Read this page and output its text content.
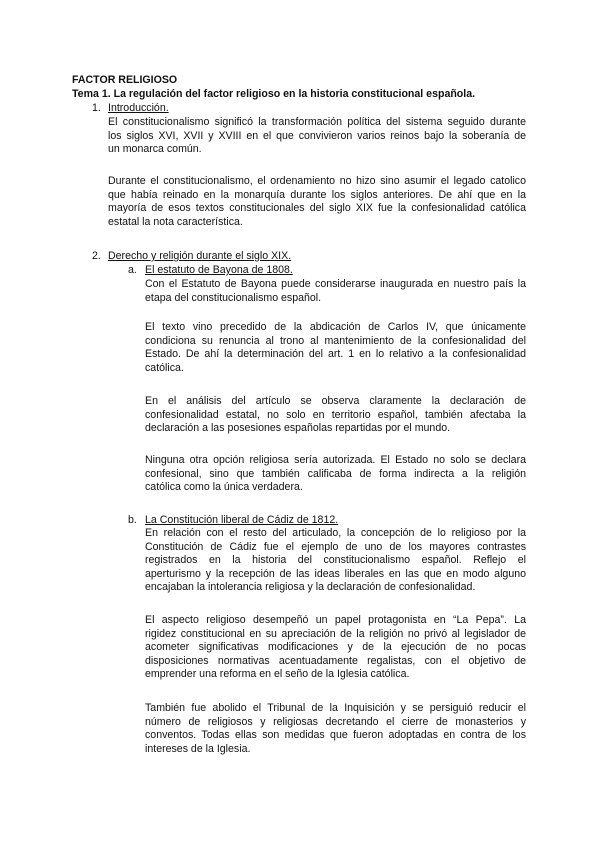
FACTOR RELIGIOSO
Tema 1. La regulación del factor religioso en la historia constitucional española.
1. Introducción.
El constitucionalismo significó la transformación política del sistema seguido durante
los siglos XVI, XVII y XVIII en el que convivieron varios reinos bajo la soberanía de
un monarca común.
Durante el constitucionalismo, el ordenamiento no hizo sino asumir el legado catolico
que había reinado en la monarquía durante los siglos anteriores. De ahí que en la
mayoría de esos textos constitucionales del siglo XIX fue la confesionalidad católica
estatal la nota característica.
2. Derecho y religión durante el siglo XIX.
a. El estatuto de Bayona de 1808.
Con el Estatuto de Bayona puede considerarse inaugurada en nuestro país la
etapa del constitucionalismo español.
El texto vino precedido de la abdicación de Carlos IV, que únicamente
condiciona su renuncia al trono al mantenimiento de la confesionalidad del
Estado. De ahí la determinación del art. 1 en lo relativo a la confesionalidad
católica.
En el análisis del artículo se observa claramente la declaración de
confesionalidad estatal, no solo en territorio español, también afectaba la
declaración a las posesiones españolas repartidas por el mundo.
Ninguna otra opción religiosa sería autorizada. El Estado no solo se declara
confesional, sino que también calificaba de forma indirecta a la religión
católica como la única verdadera.
b. La Constitución liberal de Cádiz de 1812.
En relación con el resto del articulado, la concepción de lo religioso por la
Constitución de Cádiz fue el ejemplo de uno de los mayores contrastes
registrados en la historia del constitucionalismo español. Reflejo el
aperturismo y la recepción de las ideas liberales en las que en modo alguno
encajaban la intolerancia religiosa y la declaración de confesionalidad.
El aspecto religioso desempeñó un papel protagonista en “La Pepa”. La
rigidez constitucional en su apreciación de la religión no privó al legislador de
acometer significativas modificaciones y de la ejecución de no pocas
disposiciones normativas acentuadamente regalistas, con el objetivo de
emprender una reforma en el seño de la Iglesia católica.
También fue abolido el Tribunal de la Inquisición y se persiguió reducir el
número de religiosos y religiosas decretando el cierre de monasterios y
conventos. Todas ellas son medidas que fueron adoptadas en contra de los
intereses de la Iglesia.
